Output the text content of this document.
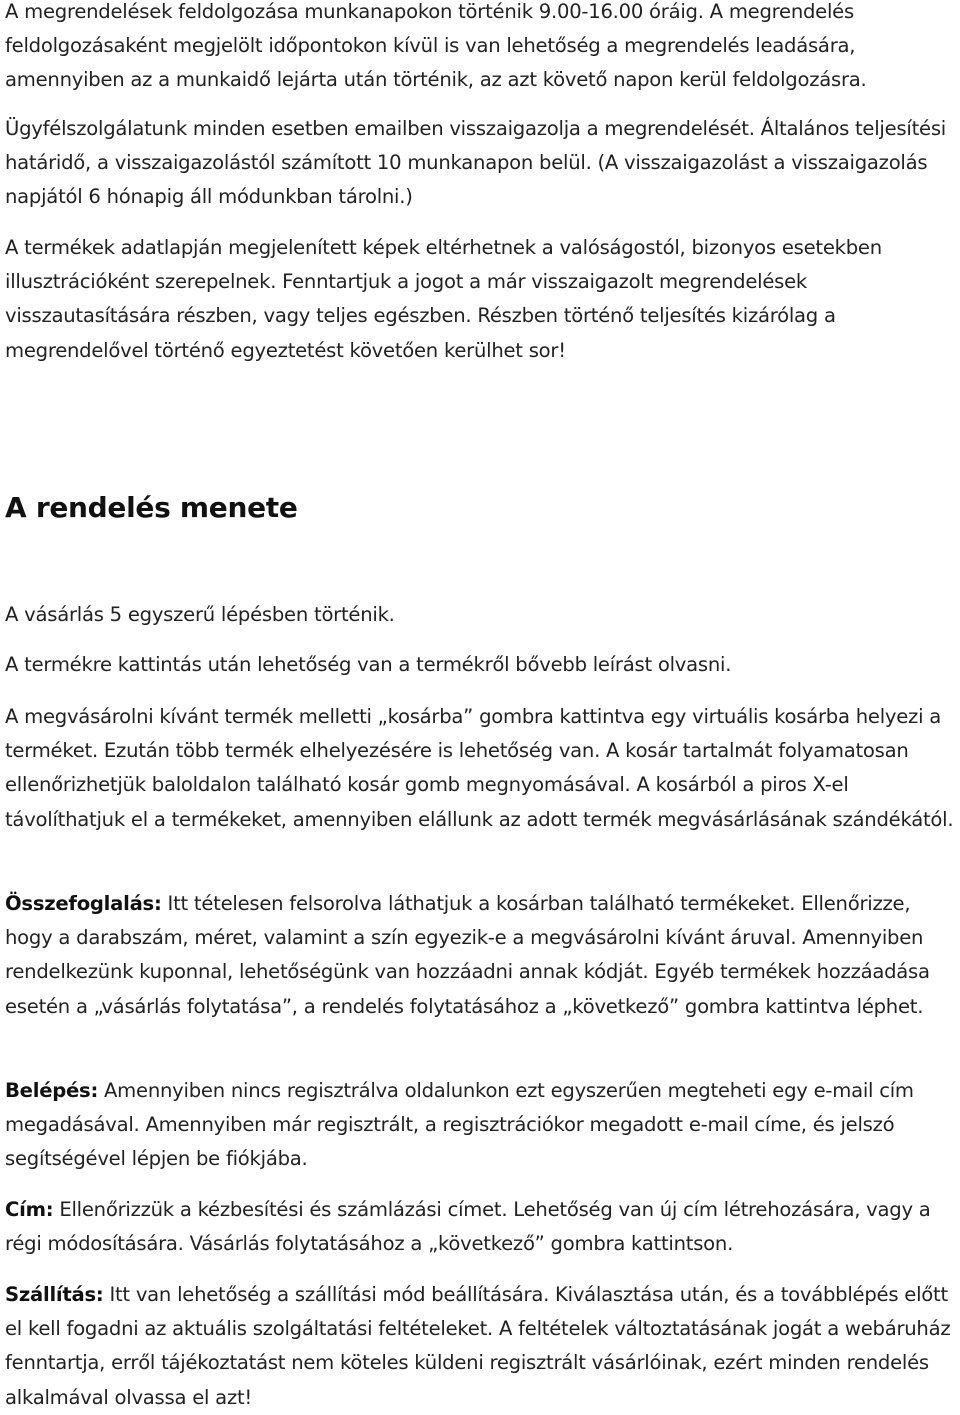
A megrendelések feldolgozása munkanapokon történik 9.00-16.00 óráig. A megrendelés feldolgozásaként megjelölt időpontokon kívül is van lehetőség a megrendelés leadására, amennyiben az a munkaidő lejárta után történik, az azt követő napon kerül feldolgozásra.

Ügyfélszolgálatunk minden esetben emailben visszaigazolja a megrendelését. Általános teljesítési határidő, a visszaigazolástól számított 10 munkanapon belül. (A visszaigazolást a visszaigazolás napjától 6 hónapig áll módunkban tárolni.)

A termékek adatlapján megjelenített képek eltérhetnek a valóságostól, bizonyos esetekben illusztrációként szerepelnek. Fenntartjuk a jogot a már visszaigazolt megrendelések visszautasítására részben, vagy teljes egészben. Részben történő teljesítés kizárólag a megrendelővel történő egyeztetést követően kerülhet sor!

A rendelés menete

A vásárlás 5 egyszerű lépésben történik.

A termékre kattintás után lehetőség van a termékről bővebb leírást olvasni.

A megvásárolni kívánt termék melletti „kosárba” gombra kattintva egy virtuális kosárba helyezi a terméket. Ezután több termék elhelyezésére is lehetőség van. A kosár tartalmát folyamatosan ellenőrizhetjük baloldalon található kosár gomb megnyomásával. A kosárból a piros X-el távolíthatjuk el a termékeket, amennyiben elállunk az adott termék megvásárlásának szándékától.

Összefoglalás: Itt tételesen felsorolva láthatjuk a kosárban található termékeket. Ellenőrizze, hogy a darabszám, méret, valamint a szín egyezik-e a megvásárolni kívánt áruval. Amennyiben rendelkezünk kuponnal, lehetőségünk van hozzáadni annak kódját. Egyéb termékek hozzáadása esetén a „vásárlás folytatása”, a rendelés folytatásához a „következő” gombra kattintva léphet.

Belépés: Amennyiben nincs regisztrálva oldalunkon ezt egyszerűen megteheti egy e-mail cím megadásával. Amennyiben már regisztrált, a regisztrációkor megadott e-mail címe, és jelszó segítségével lépjen be fiókjába.

Cím: Ellenőrizzük a kézbesítési és számlázási címet. Lehetőség van új cím létrehozására, vagy a régi módosítására. Vásárlás folytatásához a „következő” gombra kattintson.

Szállítás: Itt van lehetőség a szállítási mód beállítására. Kiválasztása után, és a továbblépés előtt el kell fogadni az aktuális szolgáltatási feltételeket. A feltételek változtatásának jogát a webáruház fenntartja, erről tájékoztatást nem köteles küldeni regisztrált vásárlóinak, ezért minden rendelés alkalmával olvassa el azt!
